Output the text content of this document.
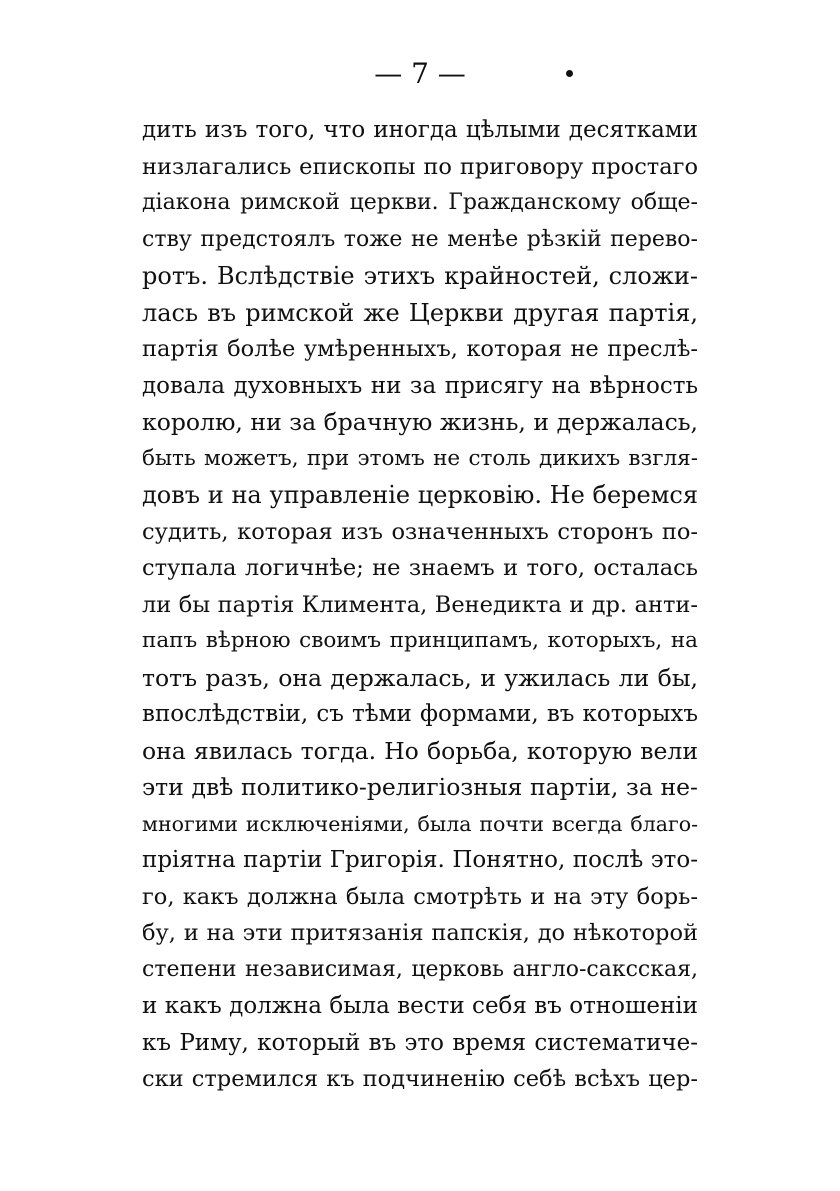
— 7 —
дить изъ того, что иногда цѣлыми десятками
низлагались епископы по приговору простаго
діакона римской церкви. Гражданскому обще-
ству предстоялъ тоже не менѣе рѣзкій перево-
ротъ. Вслѣдствіе этихъ крайностей, сложи-
лась въ римской же Церкви другая партія,
партія болѣе умѣренныхъ, которая не преслѣ-
довала духовныхъ ни за присягу на вѣрность
королю, ни за брачную жизнь, и держалась,
быть можетъ, при этомъ не столь дикихъ взгля-
довъ и на управленіе церковію. Не беремся
судить, которая изъ означенныхъ сторонъ по-
ступала логичнѣе; не знаемъ и того, осталась
ли бы партія Климента, Венедикта и др. анти-
папъ вѣрною своимъ принципамъ, которыхъ, на
тотъ разъ, она держалась, и ужилась ли бы,
впослѣдствіи, съ тѣми формами, въ которыхъ
она явилась тогда. Но борьба, которую вели
эти двѣ политико-религіозныя партіи, за не-
многими исключеніями, была почти всегда благо-
пріятна партіи Григорія. Понятно, послѣ это-
го, какъ должна была смотрѣть и на эту борь-
бу, и на эти притязанія папскія, до нѣкоторой
степени независимая, церковь англо-саксская,
и какъ должна была вести себя въ отношеніи
къ Риму, который въ это время систематиче-
ски стремился къ подчиненію себѣ всѣхъ цер-
